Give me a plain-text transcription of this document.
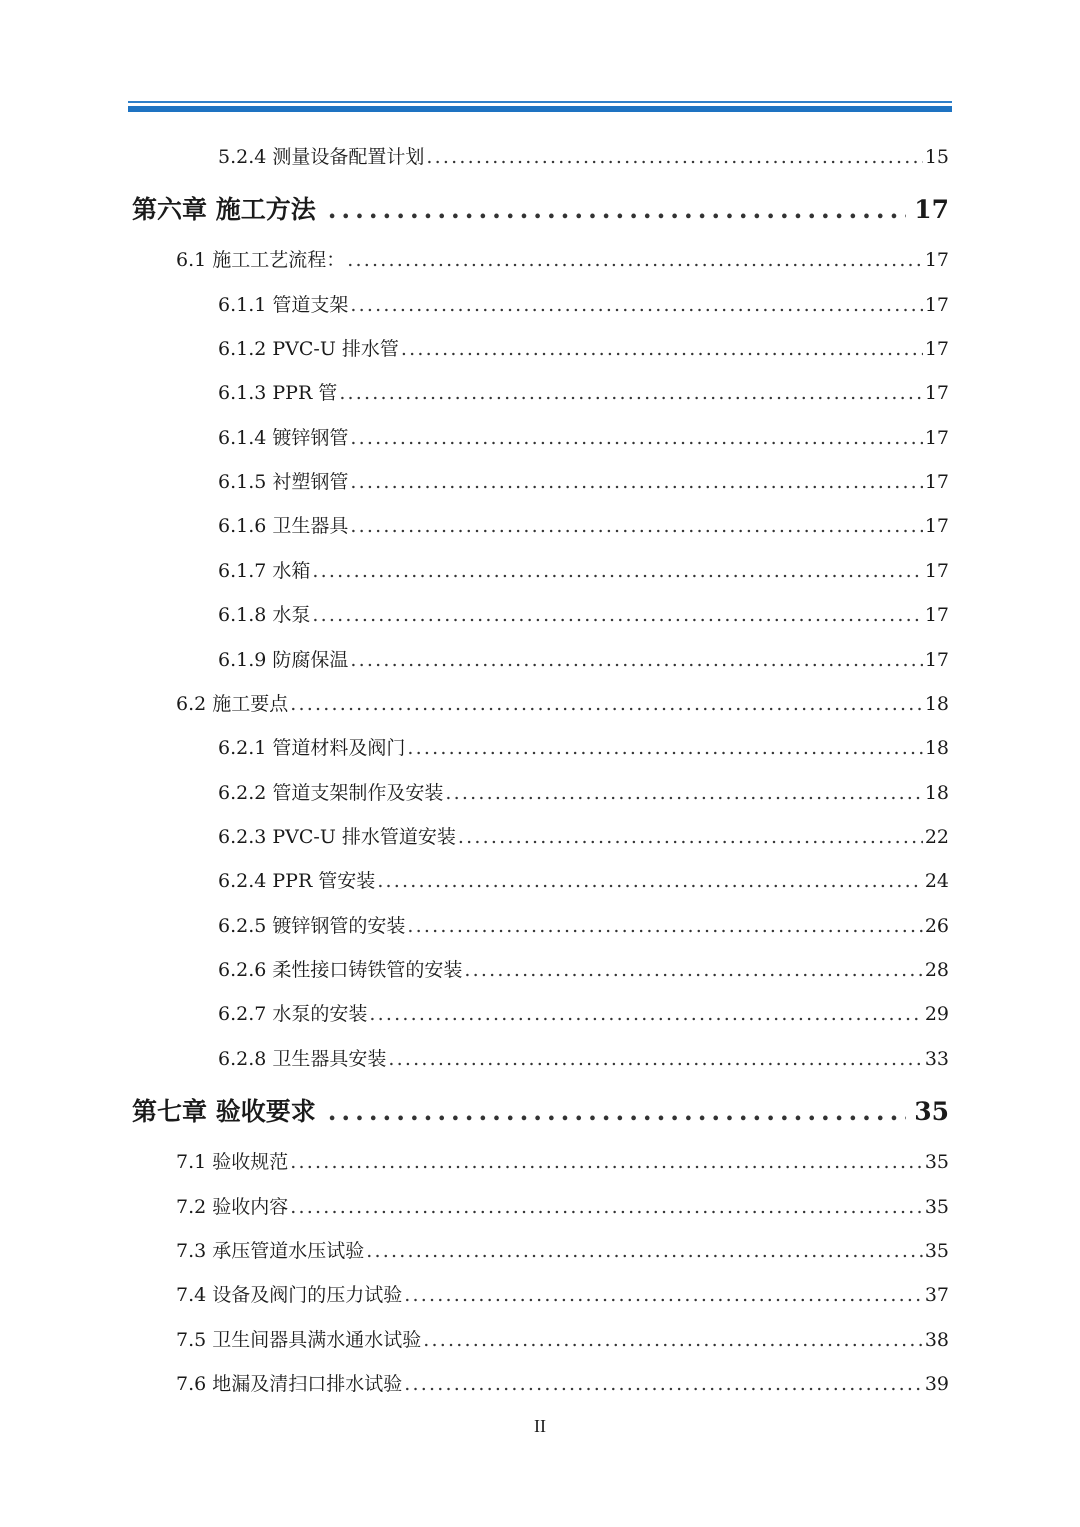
5.2.4 测量设备配置计划 .....	15
第六章 施工方法 .....	17
6.1 施工工艺流程： .....	17
6.1.1 管道支架 .....	17
6.1.2 PVC-U 排水管 .....	17
6.1.3 PPR 管 .....	17
6.1.4 镀锌钢管 .....	17
6.1.5 衬塑钢管 .....	17
6.1.6 卫生器具 .....	17
6.1.7 水箱 .....	17
6.1.8 水泵 .....	17
6.1.9 防腐保温 .....	17
6.2 施工要点 .....	18
6.2.1 管道材料及阀门 .....	18
6.2.2 管道支架制作及安装 .....	18
6.2.3 PVC-U 排水管道安装 .....	22
6.2.4 PPR 管安装 .....	24
6.2.5 镀锌钢管的安装 .....	26
6.2.6 柔性接口铸铁管的安装 .....	28
6.2.7 水泵的安装 .....	29
6.2.8 卫生器具安装 .....	33
第七章 验收要求 .....	35
7.1 验收规范 .....	35
7.2 验收内容 .....	35
7.3 承压管道水压试验 .....	35
7.4 设备及阀门的压力试验 .....	37
7.5 卫生间器具满水通水试验 .....	38
7.6 地漏及清扫口排水试验 .....	39
II
